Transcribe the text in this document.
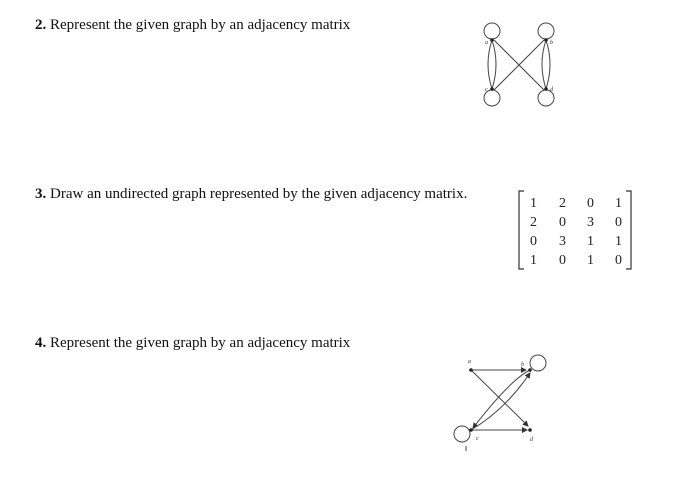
2. Represent the given graph by an adjacency matrix
3. Draw an undirected graph represented by the given adjacency matrix.
4. Represent the given graph by an adjacency matrix
a	b
c	d
1 2 0 1
2 0 3 0
0 3 1 1
1 0 1 0
a	b
c	d
